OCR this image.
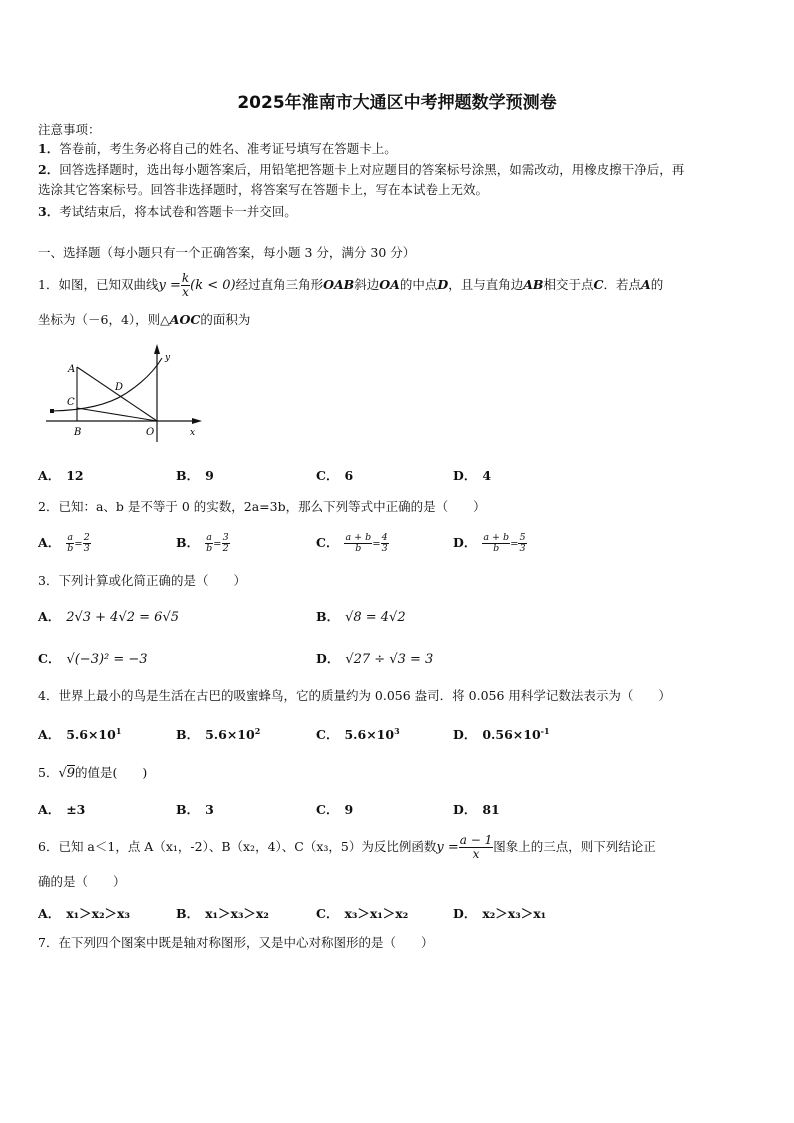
2025年淮南市大通区中考押题数学预测卷
注意事项：
1．答卷前，考生务必将自己的姓名、准考证号填写在答题卡上。
2．回答选择题时，选出每小题答案后，用铅笔把答题卡上对应题目的答案标号涂黑，如需改动，用橡皮擦干净后，再
选涂其它答案标号。回答非选择题时，将答案写在答题卡上，写在本试卷上无效。
3．考试结束后，将本试卷和答题卡一并交回。
一、选择题（每小题只有一个正确答案，每小题 3 分，满分 30 分）
1．如图，已知双曲线$y = \frac{k}{x} (k < 0)$经过直角三角形OAB斜边OA的中点D，且与直角边AB相交于点C．若点A的
坐标为（－6，4），则△AOC的面积为
A
B
C
D
O	x
y
A． 12	B． 9	C． 6	D． 4
2．已知：a、b 是不等于 0 的实数，2a=3b，那么下列等式中正确的是（　　）
A． $\frac{a}{b} = \frac{2}{3}$	B． $\frac{a}{b} = \frac{3}{2}$	C． $\frac{a + b}{b} = \frac{4}{3}$	D． $\frac{a + b}{b} = \frac{5}{3}$
3．下列计算或化简正确的是（　　）
A． 2√3 + 4√2 = 6√5	B． √8 = 4√2
C． √(−3)² = −3	D． √27 ÷ √3 = 3
4．世界上最小的鸟是生活在古巴的吸蜜蜂鸟，它的质量约为 0.056 盎司．将 0.056 用科学记数法表示为（　　）
A． $5.6\times 10^1$	B． $5.6\times 10^2$	C． $5.6\times 10^3$	D． $0.56\times 10^{-1}$
5．√9的值是(　　)
A． ±3	B． 3	C． 9	D． 81
6．已知 a＜1，点 A（x₁，-2）、B（x₂，4）、C（x₃，5）为反比例函数$y = \frac{a - 1}{x}$ 图象上的三点，则下列结论正
确的是（　　）
A． x₁＞x₂＞x₃	B． x₁＞x₃＞x₂	C． x₃＞x₁＞x₂	D． x₂＞x₃＞x₁
7．在下列四个图案中既是轴对称图形，又是中心对称图形的是（　　）
